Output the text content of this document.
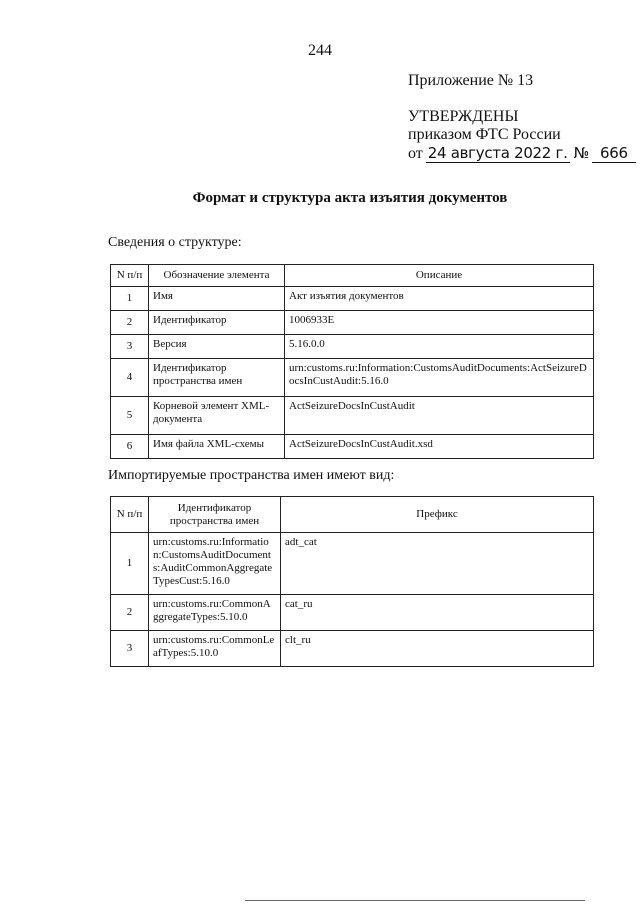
244
Приложение № 13
УТВЕРЖДЕНЫ
приказом ФТС России
от 24 августа 2022 г. № 666
Формат и структура акта изъятия документов
Сведения о структуре:
N п/п	Обозначение элемента	Описание
1	Имя	Акт изъятия документов
2	Идентификатор	1006933E
3	Версия	5.16.0.0
4	Идентификатор пространства имен	urn:customs.ru:Information:CustomsAuditDocuments:ActSeizureDocsInCustAudit:5.16.0
5	Корневой элемент XML-документа	ActSeizureDocsInCustAudit
6	Имя файла XML-схемы	ActSeizureDocsInCustAudit.xsd
Импортируемые пространства имен имеют вид:
N п/п	Идентификатор пространства имен	Префикс
1	urn:customs.ru:Information:CustomsAuditDocuments:AuditCommonAggregateTypesCust:5.16.0	adt_cat
2	urn:customs.ru:CommonAggregateTypes:5.10.0	cat_ru
3	urn:customs.ru:CommonLeafTypes:5.10.0	clt_ru
